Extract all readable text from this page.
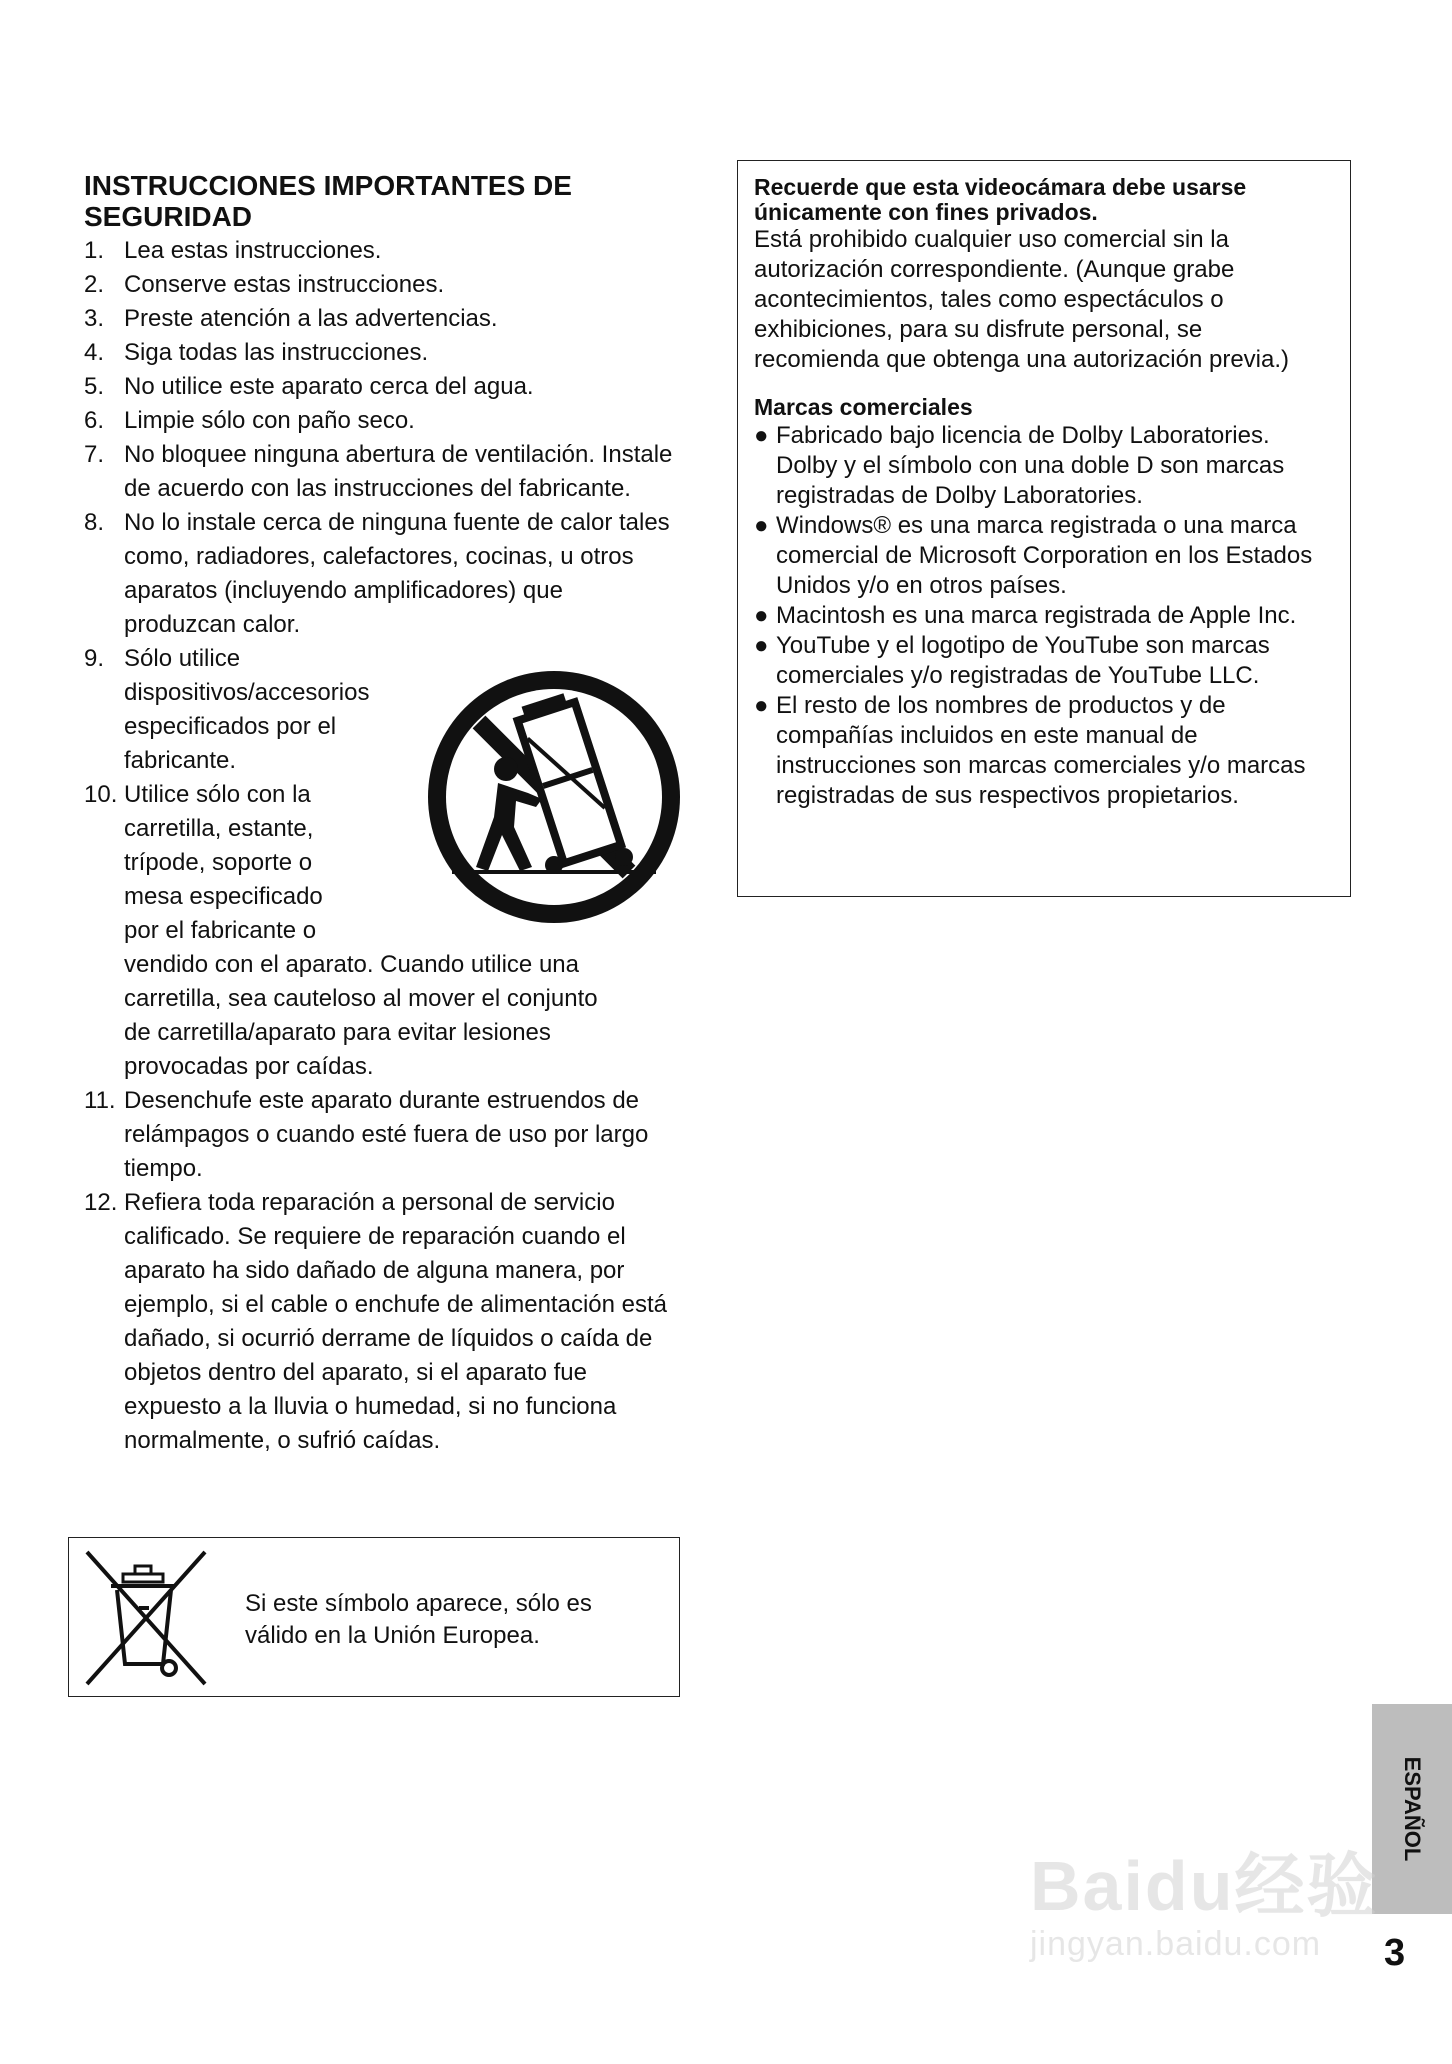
INSTRUCCIONES IMPORTANTES DE SEGURIDAD
1. Lea estas instrucciones.
2. Conserve estas instrucciones.
3. Preste atención a las advertencias.
4. Siga todas las instrucciones.
5. No utilice este aparato cerca del agua.
6. Limpie sólo con paño seco.
7. No bloquee ninguna abertura de ventilación. Instale de acuerdo con las instrucciones del fabricante.
8. No lo instale cerca de ninguna fuente de calor tales como, radiadores, calefactores, cocinas, u otros aparatos (incluyendo amplificadores) que produzcan calor.
9. Sólo utilice
dispositivos/accesorios
especificados por el
fabricante.
10. Utilice sólo con la
carretilla, estante,
trípode, soporte o
mesa especificado
por el fabricante o
vendido con el aparato. Cuando utilice una
carretilla, sea cauteloso al mover el conjunto
de carretilla/aparato para evitar lesiones
provocadas por caídas.
11. Desenchufe este aparato durante estruendos de relámpagos o cuando esté fuera de uso por largo tiempo.
12. Refiera toda reparación a personal de servicio calificado. Se requiere de reparación cuando el aparato ha sido dañado de alguna manera, por ejemplo, si el cable o enchufe de alimentación está dañado, si ocurrió derrame de líquidos o caída de objetos dentro del aparato, si el aparato fue expuesto a la lluvia o humedad, si no funciona normalmente, o sufrió caídas.
Si este símbolo aparece, sólo es
válido en la Unión Europea.
Recuerde que esta videocámara debe usarse únicamente con fines privados.
Está prohibido cualquier uso comercial sin la autorización correspondiente. (Aunque grabe acontecimientos, tales como espectáculos o exhibiciones, para su disfrute personal, se recomienda que obtenga una autorización previa.)
Marcas comerciales
● Fabricado bajo licencia de Dolby Laboratories. Dolby y el símbolo con una doble D son marcas registradas de Dolby Laboratories.
● Windows® es una marca registrada o una marca comercial de Microsoft Corporation en los Estados Unidos y/o en otros países.
● Macintosh es una marca registrada de Apple Inc.
● YouTube y el logotipo de YouTube son marcas comerciales y/o registradas de YouTube LLC.
● El resto de los nombres de productos y de compañías incluidos en este manual de instrucciones son marcas comerciales y/o marcas registradas de sus respectivos propietarios.
ESPAÑOL
Baidu经验
jingyan.baidu.com	3
